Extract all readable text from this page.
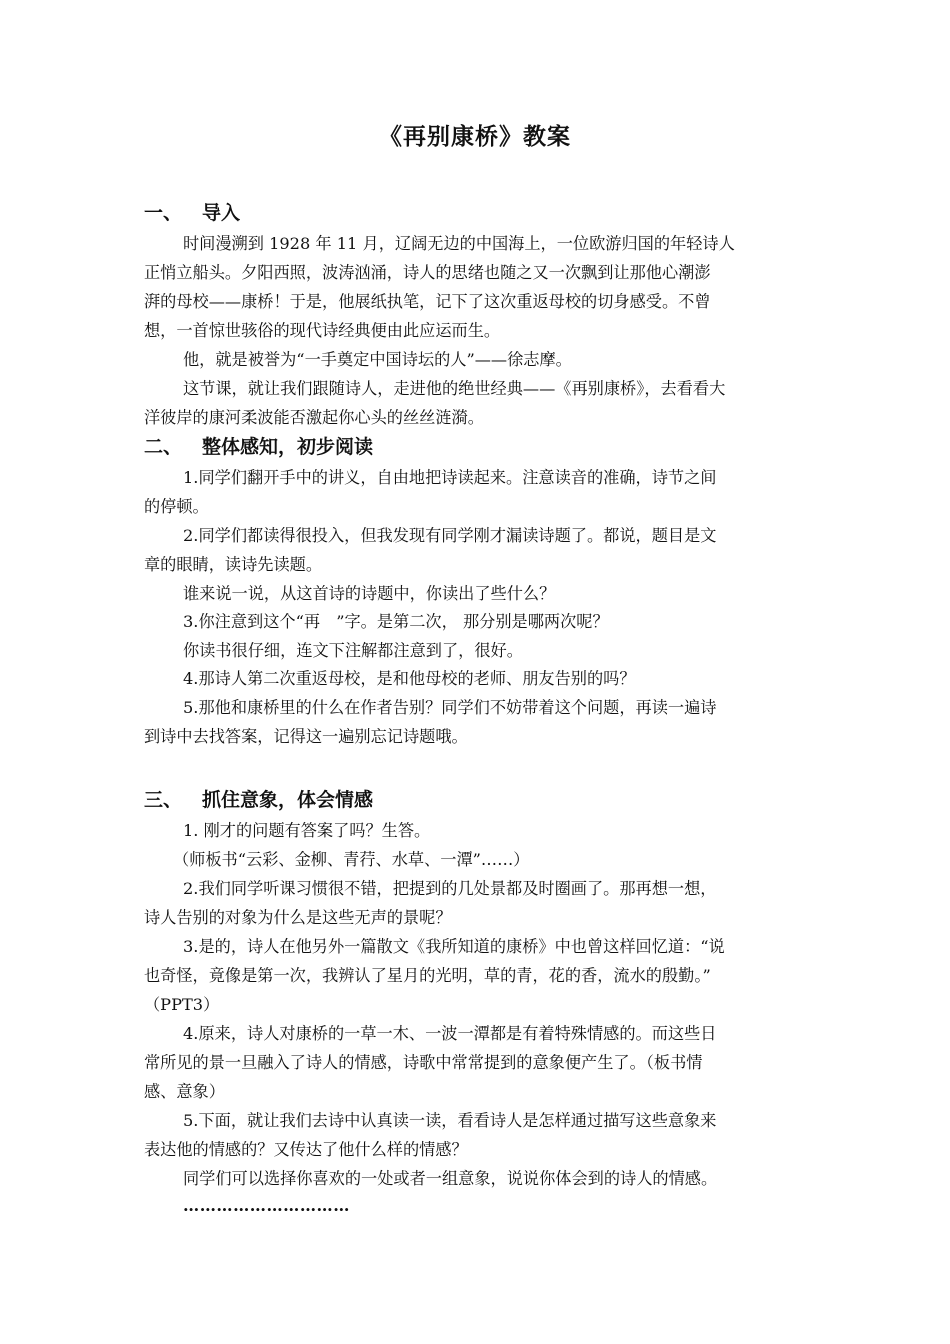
《再别康桥》教案
一、 导入
时间漫溯到 1928 年 11 月，辽阔无边的中国海上，一位欧游归国的年轻诗人
正悄立船头。夕阳西照，波涛汹涌，诗人的思绪也随之又一次飘到让那他心潮澎
湃的母校——康桥！于是，他展纸执笔，记下了这次重返母校的切身感受。不曾
想，一首惊世骇俗的现代诗经典便由此应运而生。
他，就是被誉为“一手奠定中国诗坛的人”——徐志摩。
这节课，就让我们跟随诗人，走进他的绝世经典——《再别康桥》，去看看大
洋彼岸的康河柔波能否激起你心头的丝丝涟漪。
二、 整体感知，初步阅读
1.同学们翻开手中的讲义，自由地把诗读起来。注意读音的准确，诗节之间
的停顿。
2.同学们都读得很投入，但我发现有同学刚才漏读诗题了。都说，题目是文
章的眼睛，读诗先读题。
谁来说一说，从这首诗的诗题中，你读出了些什么？
3.你注意到这个“再　”字。是第二次， 那分别是哪两次呢？
你读书很仔细，连文下注解都注意到了，很好。
4.那诗人第二次重返母校，是和他母校的老师、朋友告别的吗？
5.那他和康桥里的什么在作者告别？同学们不妨带着这个问题，再读一遍诗
到诗中去找答案，记得这一遍别忘记诗题哦。
三、 抓住意象，体会情感
1. 刚才的问题有答案了吗？生答。
（师板书“云彩、金柳、青荇、水草、一潭”……）
2.我们同学听课习惯很不错，把提到的几处景都及时圈画了。那再想一想，
诗人告别的对象为什么是这些无声的景呢？
3.是的，诗人在他另外一篇散文《我所知道的康桥》中也曾这样回忆道：“说
也奇怪，竟像是第一次，我辨认了星月的光明，草的青，花的香，流水的殷勤。”
（PPT3）
4.原来，诗人对康桥的一草一木、一波一潭都是有着特殊情感的。而这些日
常所见的景一旦融入了诗人的情感，诗歌中常常提到的意象便产生了。（板书情
感、意象）
5.下面，就让我们去诗中认真读一读，看看诗人是怎样通过描写这些意象来
表达他的情感的？又传达了他什么样的情感？
同学们可以选择你喜欢的一处或者一组意象，说说你体会到的诗人的情感。
…………………………
